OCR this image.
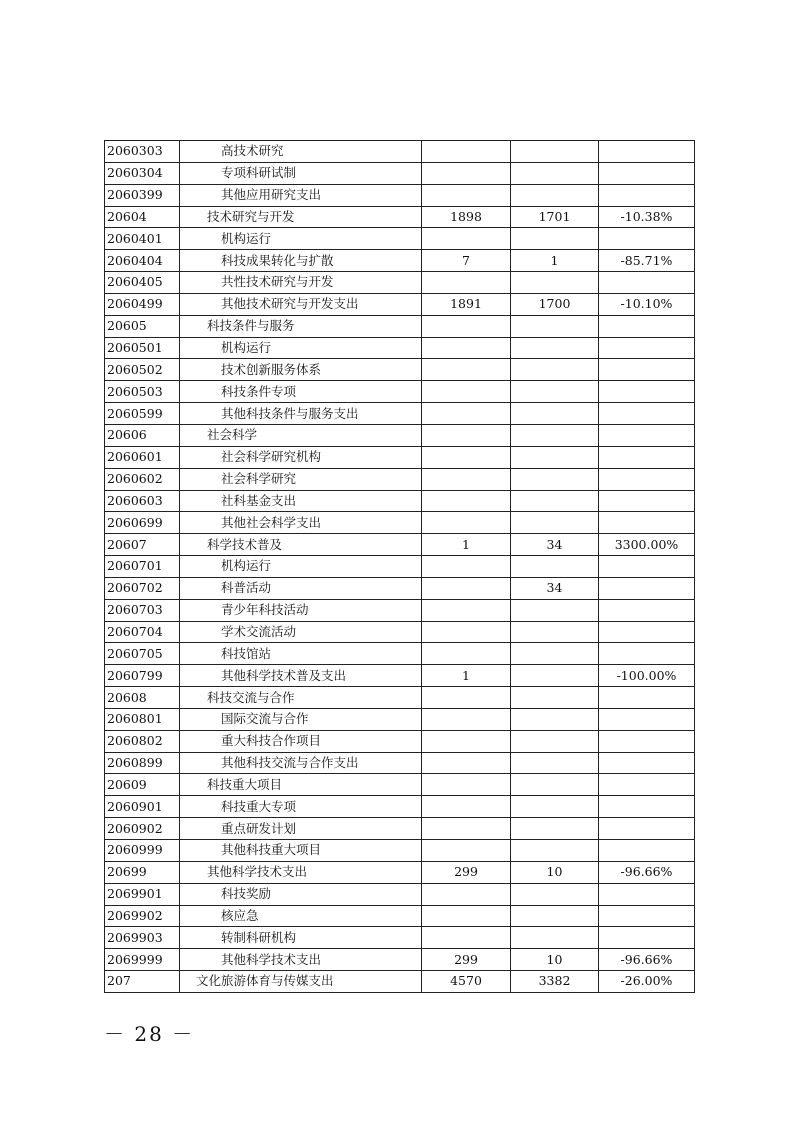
2060303	高技术研究			
2060304	专项科研试制			
2060399	其他应用研究支出			
20604	技术研究与开发	1898	1701	-10.38%
2060401	机构运行			
2060404	科技成果转化与扩散	7	1	-85.71%
2060405	共性技术研究与开发			
2060499	其他技术研究与开发支出	1891	1700	-10.10%
20605	科技条件与服务			
2060501	机构运行			
2060502	技术创新服务体系			
2060503	科技条件专项			
2060599	其他科技条件与服务支出			
20606	社会科学			
2060601	社会科学研究机构			
2060602	社会科学研究			
2060603	社科基金支出			
2060699	其他社会科学支出			
20607	科学技术普及	1	34	3300.00%
2060701	机构运行			
2060702	科普活动		34	
2060703	青少年科技活动			
2060704	学术交流活动			
2060705	科技馆站			
2060799	其他科学技术普及支出	1		-100.00%
20608	科技交流与合作			
2060801	国际交流与合作			
2060802	重大科技合作项目			
2060899	其他科技交流与合作支出			
20609	科技重大项目			
2060901	科技重大专项			
2060902	重点研发计划			
2060999	其他科技重大项目			
20699	其他科学技术支出	299	10	-96.66%
2069901	科技奖励			
2069902	核应急			
2069903	转制科研机构			
2069999	其他科学技术支出	299	10	-96.66%
207	文化旅游体育与传媒支出	4570	3382	-26.00%
－ 28 －
